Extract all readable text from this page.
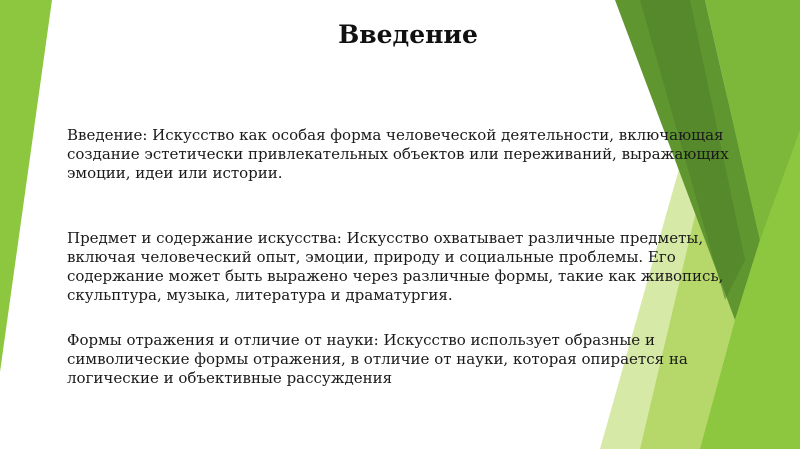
Введение

Введение: Искусство как особая форма человеческой деятельности, включающая создание эстетически привлекательных объектов или переживаний, выражающих эмоции, идеи или истории.

Предмет и содержание искусства: Искусство охватывает различные предметы, включая человеческий опыт, эмоции, природу и социальные проблемы. Его содержание может быть выражено через различные формы, такие как живопись, скульптура, музыка, литература и драматургия.

Формы отражения и отличие от науки: Искусство использует образные и символические формы отражения, в отличие от науки, которая опирается на логические и объективные рассуждения
